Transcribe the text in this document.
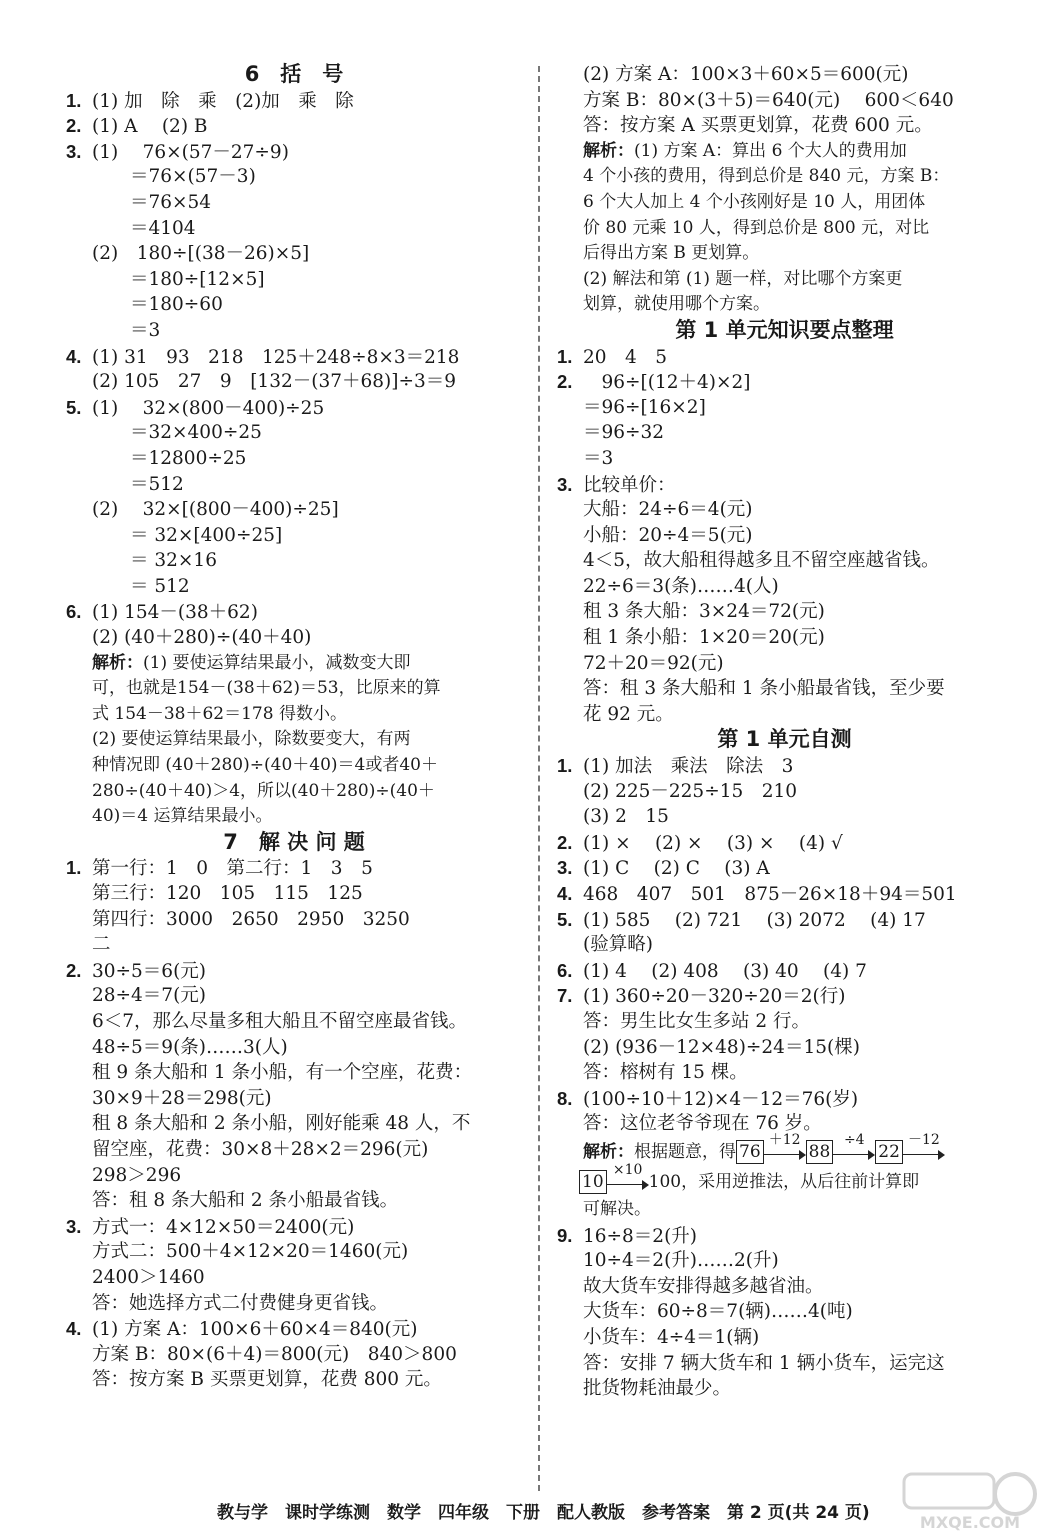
6　括　号
1. (1) 加　除　乘　(2)加　乘　除
2. (1) A　 (2) B
3. (1)　 76×(57－27÷9)
＝76×(57－3)
＝76×54
＝4104
(2)　180÷[(38－26)×5]
＝180÷[12×5]
＝180÷60
＝3
4. (1) 31　93　218　125＋248÷8×3＝218
(2) 105　27　9　[132－(37＋68)]÷3＝9
5. (1)　 32×(800－400)÷25
＝32×400÷25
＝12800÷25
＝512
(2)　 32×[(800－400)÷25]
＝ 32×[400÷25]
＝ 32×16
＝ 512
6. (1) 154－(38＋62)
(2) (40＋280)÷(40＋40)
解析：(1) 要使运算结果最小，减数变大即
可，也就是154－(38＋62)＝53，比原来的算
式 154－38＋62＝178 得数小。
(2) 要使运算结果最小，除数要变大，有两
种情况即 (40＋280)÷(40＋40)＝4或者40＋
280÷(40＋40)＞4，所以(40＋280)÷(40＋
40)＝4 运算结果最小。
7　解 决 问 题
1. 第一行：1　0　第二行：1　3　5
第三行：120　105　115　125
第四行：3000　2650　2950　3250
二
2. 30÷5＝6(元)
28÷4＝7(元)
6＜7，那么尽量多租大船且不留空座最省钱。
48÷5＝9(条)……3(人)
租 9 条大船和 1 条小船，有一个空座，花费：
30×9＋28＝298(元)
租 8 条大船和 2 条小船，刚好能乘 48 人，不
留空座，花费：30×8＋28×2＝296(元)
298＞296
答：租 8 条大船和 2 条小船最省钱。
3. 方式一：4×12×50＝2400(元)
方式二：500＋4×12×20＝1460(元)
2400＞1460
答：她选择方式二付费健身更省钱。
4. (1) 方案 A：100×6＋60×4＝840(元)
方案 B：80×(6＋4)＝800(元)　840＞800
答：按方案 B 买票更划算，花费 800 元。
(2) 方案 A：100×3＋60×5＝600(元)
方案 B：80×(3＋5)＝640(元)　 600＜640
答：按方案 A 买票更划算，花费 600 元。
解析：(1) 方案 A：算出 6 个大人的费用加
4 个小孩的费用，得到总价是 840 元，方案 B：
6 个大人加上 4 个小孩刚好是 10 人，用团体
价 80 元乘 10 人，得到总价是 800 元，对比
后得出方案 B 更划算。
(2) 解法和第 (1) 题一样，对比哪个方案更
划算，就使用哪个方案。
第 1 单元知识要点整理
1. 20　4　5
2.　96÷[(12＋4)×2]
＝96÷[16×2]
＝96÷32
＝3
3. 比较单价：
大船：24÷6＝4(元)
小船：20÷4＝5(元)
4＜5，故大船租得越多且不留空座越省钱。
22÷6＝3(条)……4(人)
租 3 条大船：3×24＝72(元)
租 1 条小船：1×20＝20(元)
72＋20＝92(元)
答：租 3 条大船和 1 条小船最省钱，至少要
花 92 元。
第 1 单元自测
1. (1) 加法　乘法　除法　3
(2) 225－225÷15　210
(3) 2　15
2. (1) ×　 (2) ×　 (3) ×　 (4) √
3. (1) C　 (2) C　 (3) A
4. 468　407　501　875－26×18＋94＝501
5. (1) 585　 (2) 721　 (3) 2072　 (4) 17
(验算略)
6. (1) 4　 (2) 408　 (3) 40　 (4) 7
7. (1) 360÷20－320÷20＝2(行)
答：男生比女生多站 2 行。
(2) (936－12×48)÷24＝15(棵)
答：榕树有 15 棵。
8. (100÷10＋12)×4－12＝76(岁)
答：这位老爷爷现在 76 岁。
解析：根据题意，得 76
＋12
88
÷4
22
－12
10
×10
100，采用逆推法，从后往前计算即
可解决。
9. 16÷8＝2(升)
10÷4＝2(升)……2(升)
故大货车安排得越多越省油。
大货车：60÷8＝7(辆)……4(吨)
小货车：4÷4＝1(辆)
答：安排 7 辆大货车和 1 辆小货车，运完这
批货物耗油最少。
教与学　课时学练测　数学　四年级　下册　配人教版　参考答案　第 2 页(共 24 页)	MXQE.COM
